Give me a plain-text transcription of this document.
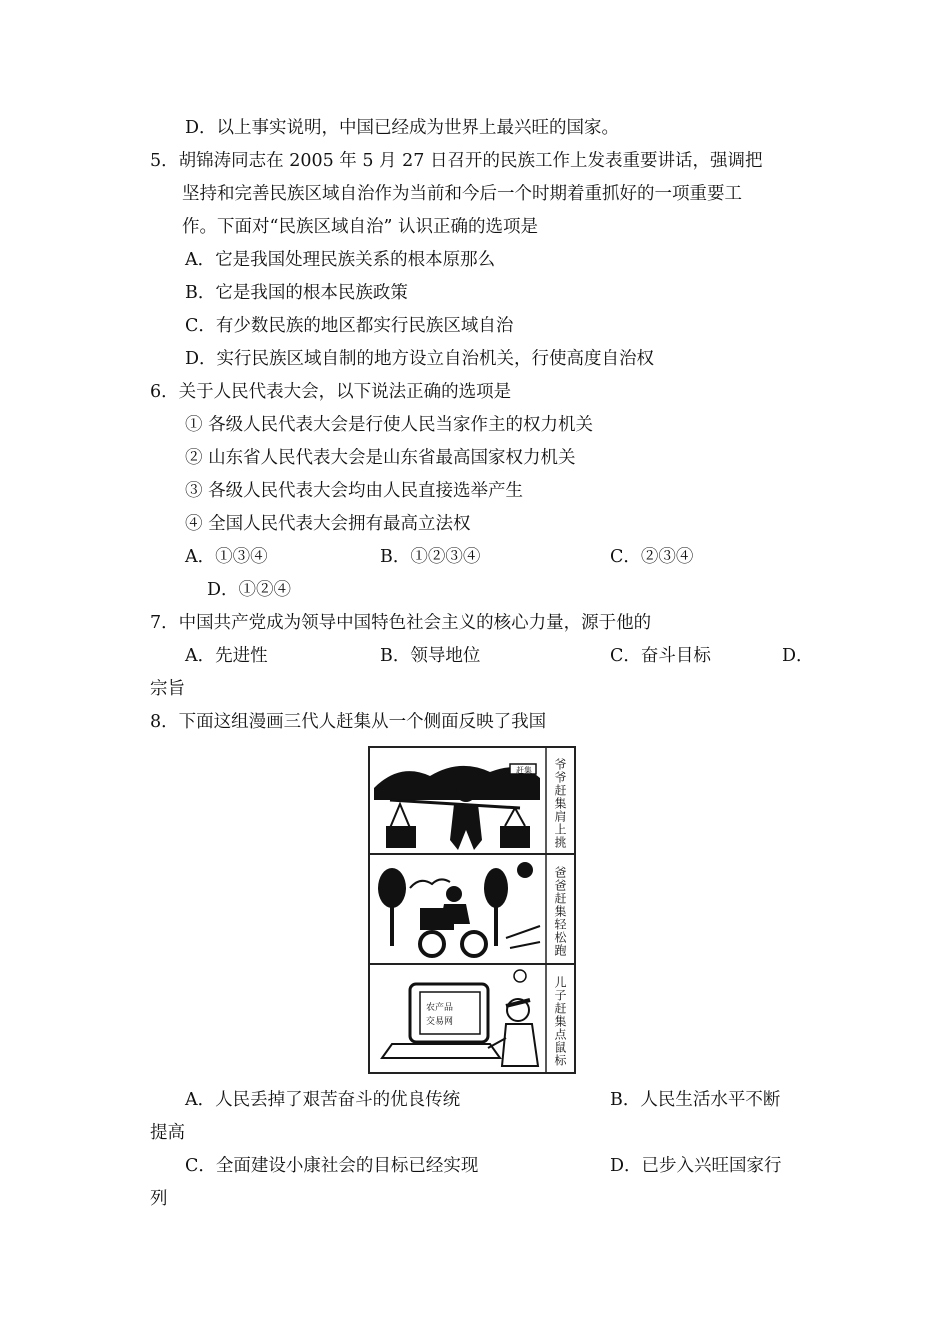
D．以上事实说明，中国已经成为世界上最兴旺的国家。
5．胡锦涛同志在 2005 年 5 月 27 日召开的民族工作上发表重要讲话，强调把
坚持和完善民族区域自治作为当前和今后一个时期着重抓好的一项重要工
作。下面对“民族区域自治” 认识正确的选项是
A．它是我国处理民族关系的根本原那么
B．它是我国的根本民族政策
C．有少数民族的地区都实行民族区域自治
D．实行民族区域自制的地方设立自治机关，行使高度自治权
6．关于人民代表大会，以下说法正确的选项是
① 各级人民代表大会是行使人民当家作主的权力机关
② 山东省人民代表大会是山东省最高国家权力机关
③ 各级人民代表大会均由人民直接选举产生
④ 全国人民代表大会拥有最高立法权
A．①③④	B．①②③④	C．②③④
D．①②④
7．中国共产党成为领导中国特色社会主义的核心力量，源于他的
A．先进性	B．领导地位	C．奋斗目标	D．
宗旨
8．下面这组漫画三代人赶集从一个侧面反映了我国
赶集
农产品
交易网
爷爷赶集肩上挑
爸爸赶集轻松跑
儿子赶集点鼠标
A．人民丢掉了艰苦奋斗的优良传统	B．人民生活水平不断
提高
C．全面建设小康社会的目标已经实现	D．已步入兴旺国家行
列
